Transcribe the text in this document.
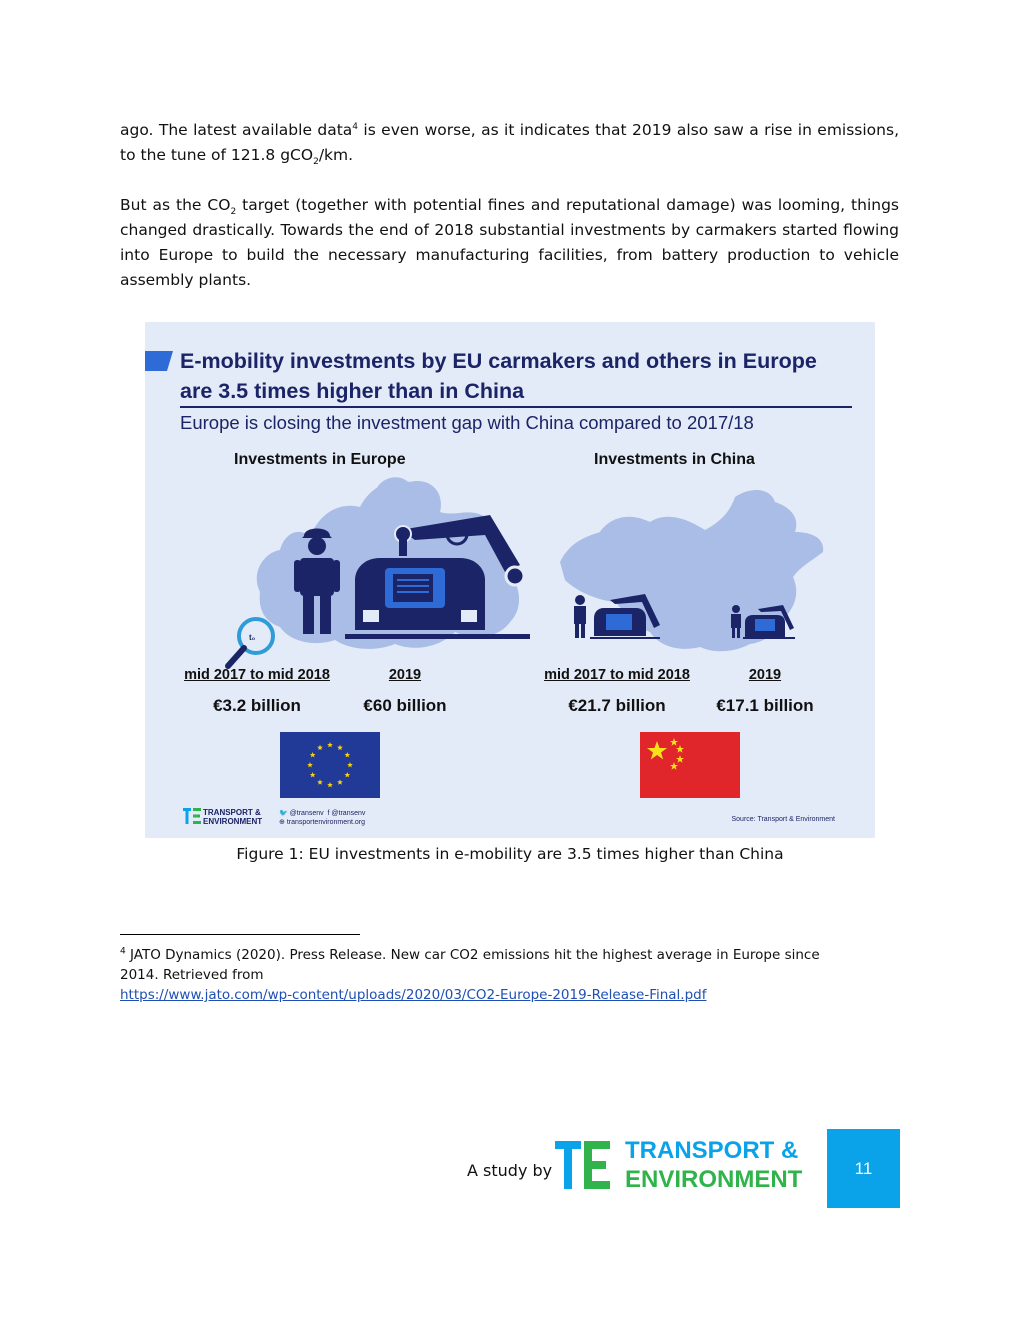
ago. The latest available data$^4$ is even worse, as it indicates that 2019 also saw a rise in emissions, to the tune of 121.8 gCO$_2$/km.

But as the $CO_2$ target (together with potential fines and reputational damage) was looming, things changed drastically. Towards the end of 2018 substantial investments by carmakers started flowing into Europe to build the necessary manufacturing facilities, from battery production to vehicle assembly plants.

E-mobility investments by EU carmakers and others in Europe
are 3.5 times higher than in China
Europe is closing the investment gap with China compared to 2017/18
Investments in Europe	Investments in China
t₀
mid 2017 to mid 2018	2019
€3.2 billion	€60 billion
mid 2017 to mid 2018	2019
€21.7 billion	€17.1 billion
TRANSPORT &
ENVIRONMENT
🐦 @transenv f @transenv
⊕ transportenvironment.org	Source: Transport & Environment
Figure 1: EU investments in e-mobility are 3.5 times higher than China
$^4$ JATO Dynamics (2020). Press Release. New car CO2 emissions hit the highest average in Europe since 2014. Retrieved from
https://www.jato.com/wp-content/uploads/2020/03/CO2-Europe-2019-Release-Final.pdf
A study by
TRANSPORT &
ENVIRONMENT	11
